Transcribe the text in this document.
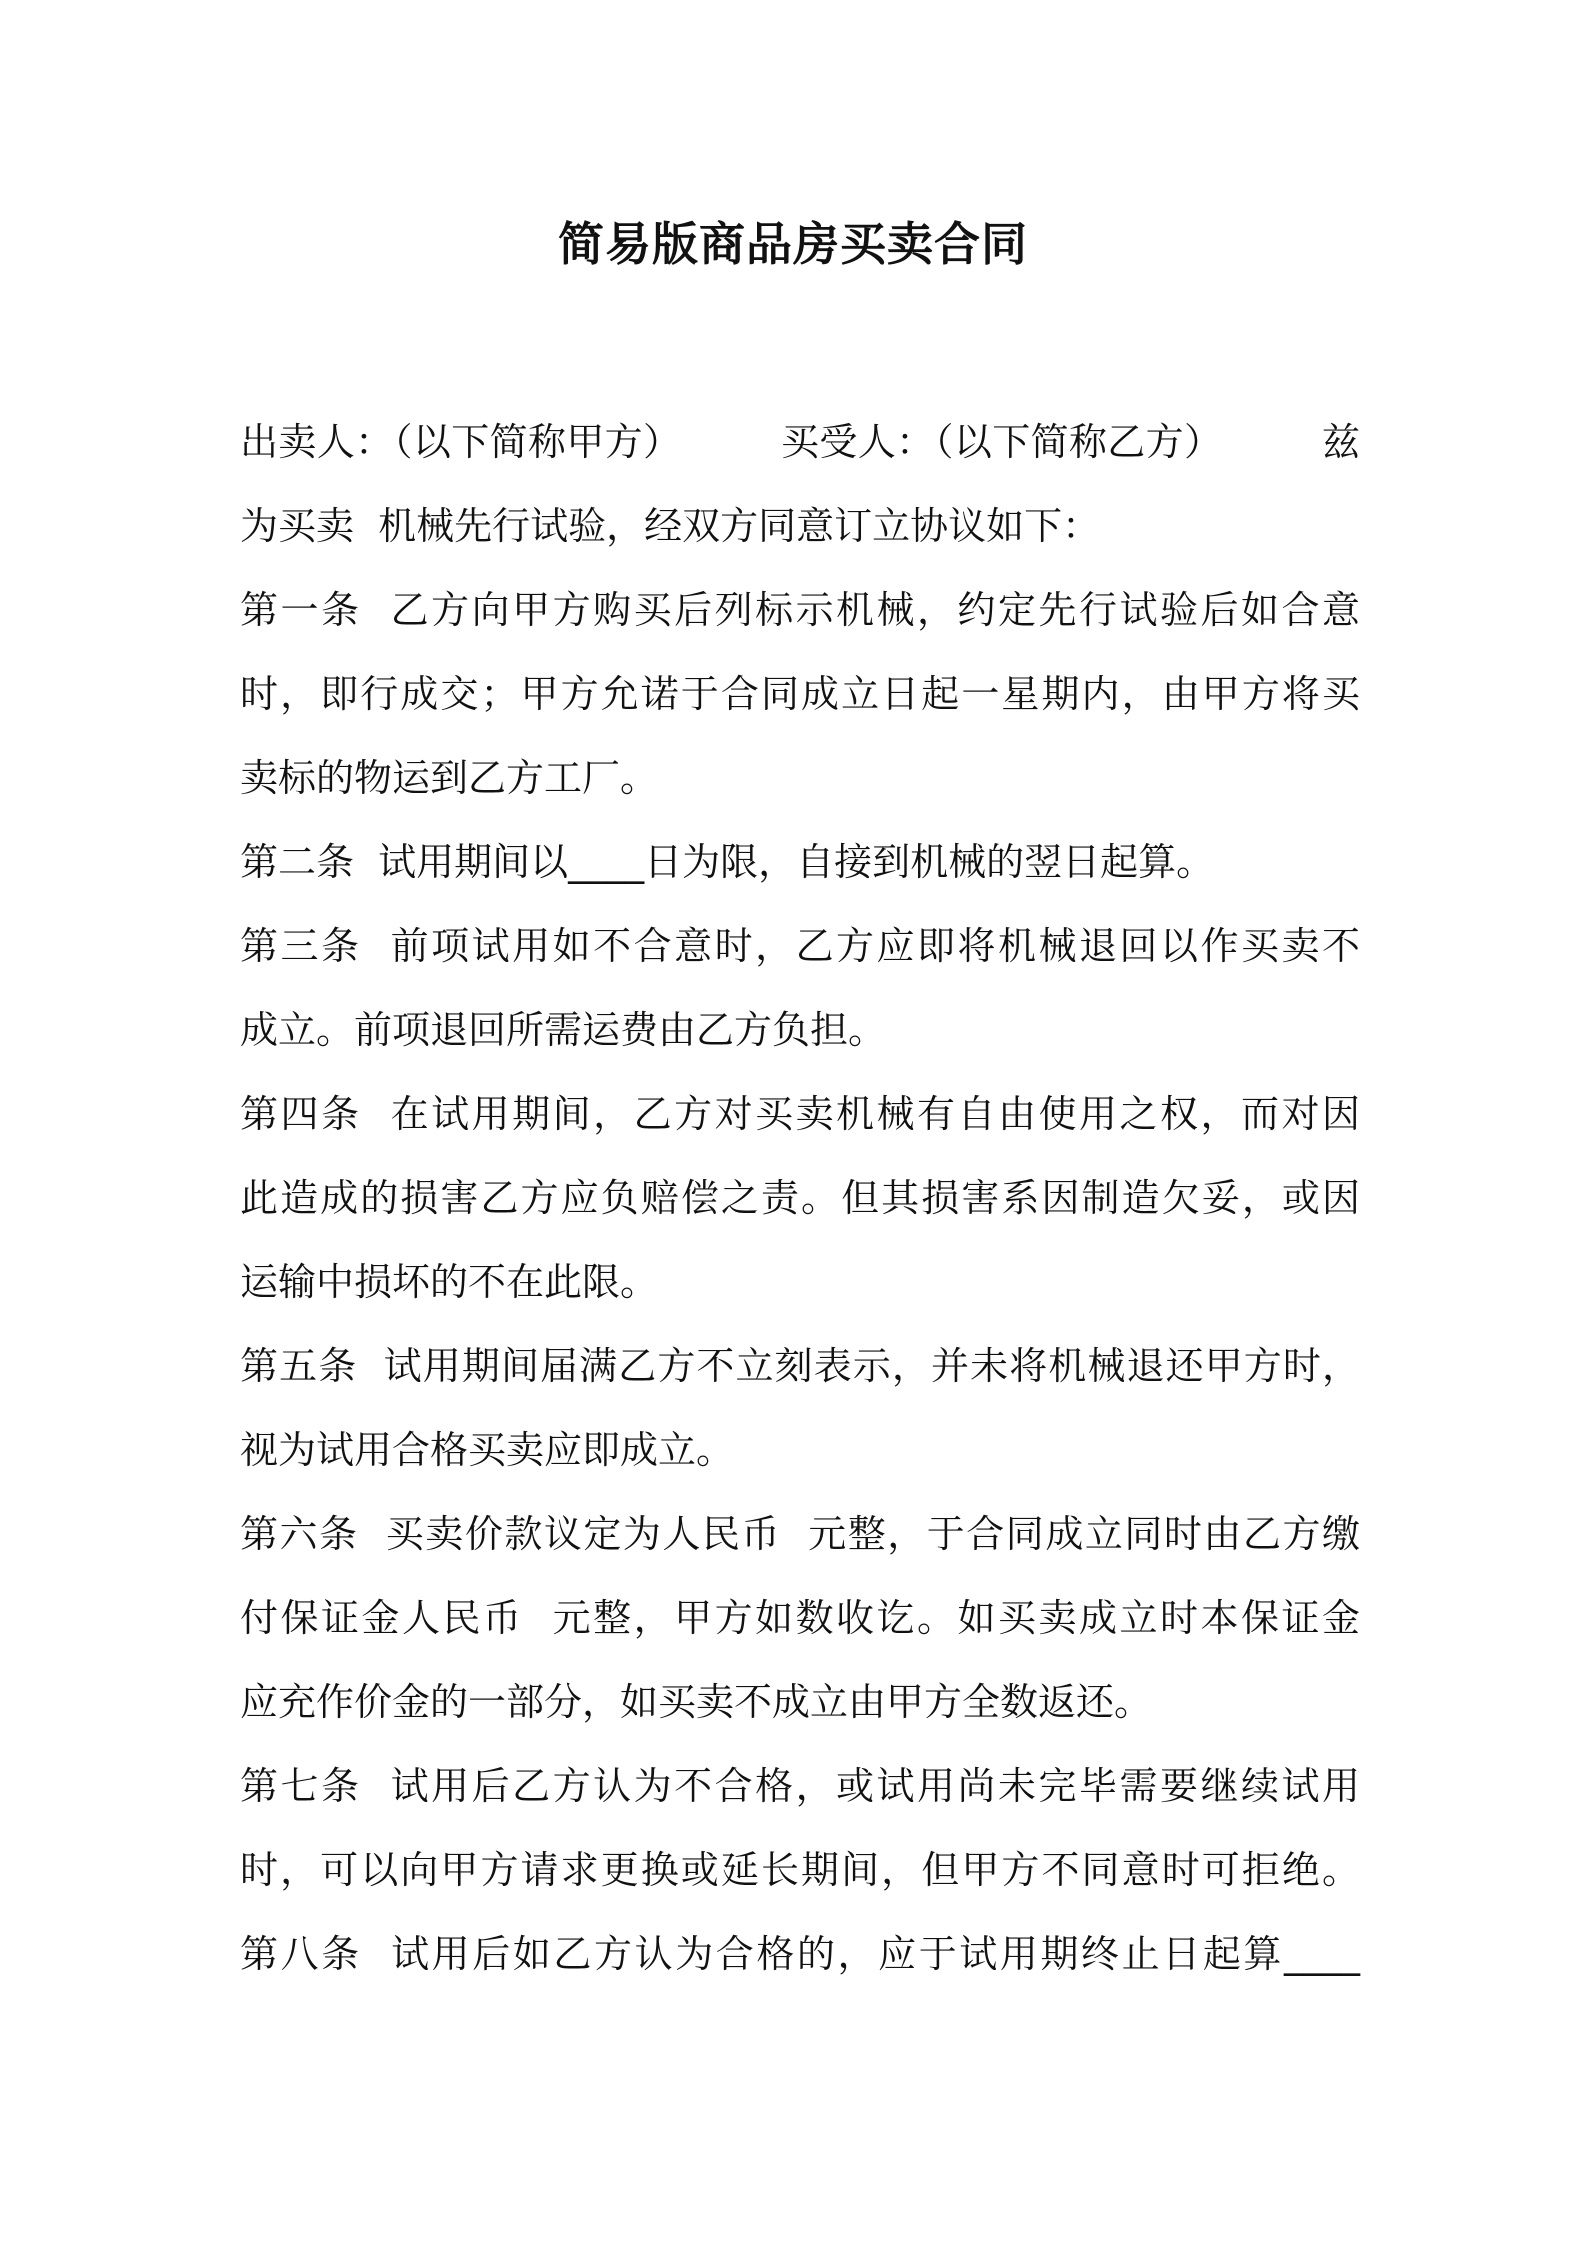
简易版商品房买卖合同
出卖人：（以下简称甲方）        买受人：（以下简称乙方）        兹
为买卖  机械先行试验，经双方同意订立协议如下：
第一条  乙方向甲方购买后列标示机械，约定先行试验后如合意
时，即行成交；甲方允诺于合同成立日起一星期内，由甲方将买
卖标的物运到乙方工厂。
第二条  试用期间以____日为限，自接到机械的翌日起算。
第三条  前项试用如不合意时，乙方应即将机械退回以作买卖不
成立。前项退回所需运费由乙方负担。
第四条  在试用期间，乙方对买卖机械有自由使用之权，而对因
此造成的损害乙方应负赔偿之责。但其损害系因制造欠妥，或因
运输中损坏的不在此限。
第五条  试用期间届满乙方不立刻表示，并未将机械退还甲方时，
视为试用合格买卖应即成立。
第六条  买卖价款议定为人民币  元整，于合同成立同时由乙方缴
付保证金人民币  元整，甲方如数收讫。如买卖成立时本保证金
应充作价金的一部分，如买卖不成立由甲方全数返还。
第七条  试用后乙方认为不合格，或试用尚未完毕需要继续试用
时，可以向甲方请求更换或延长期间，但甲方不同意时可拒绝。
第八条  试用后如乙方认为合格的，应于试用期终止日起算____
